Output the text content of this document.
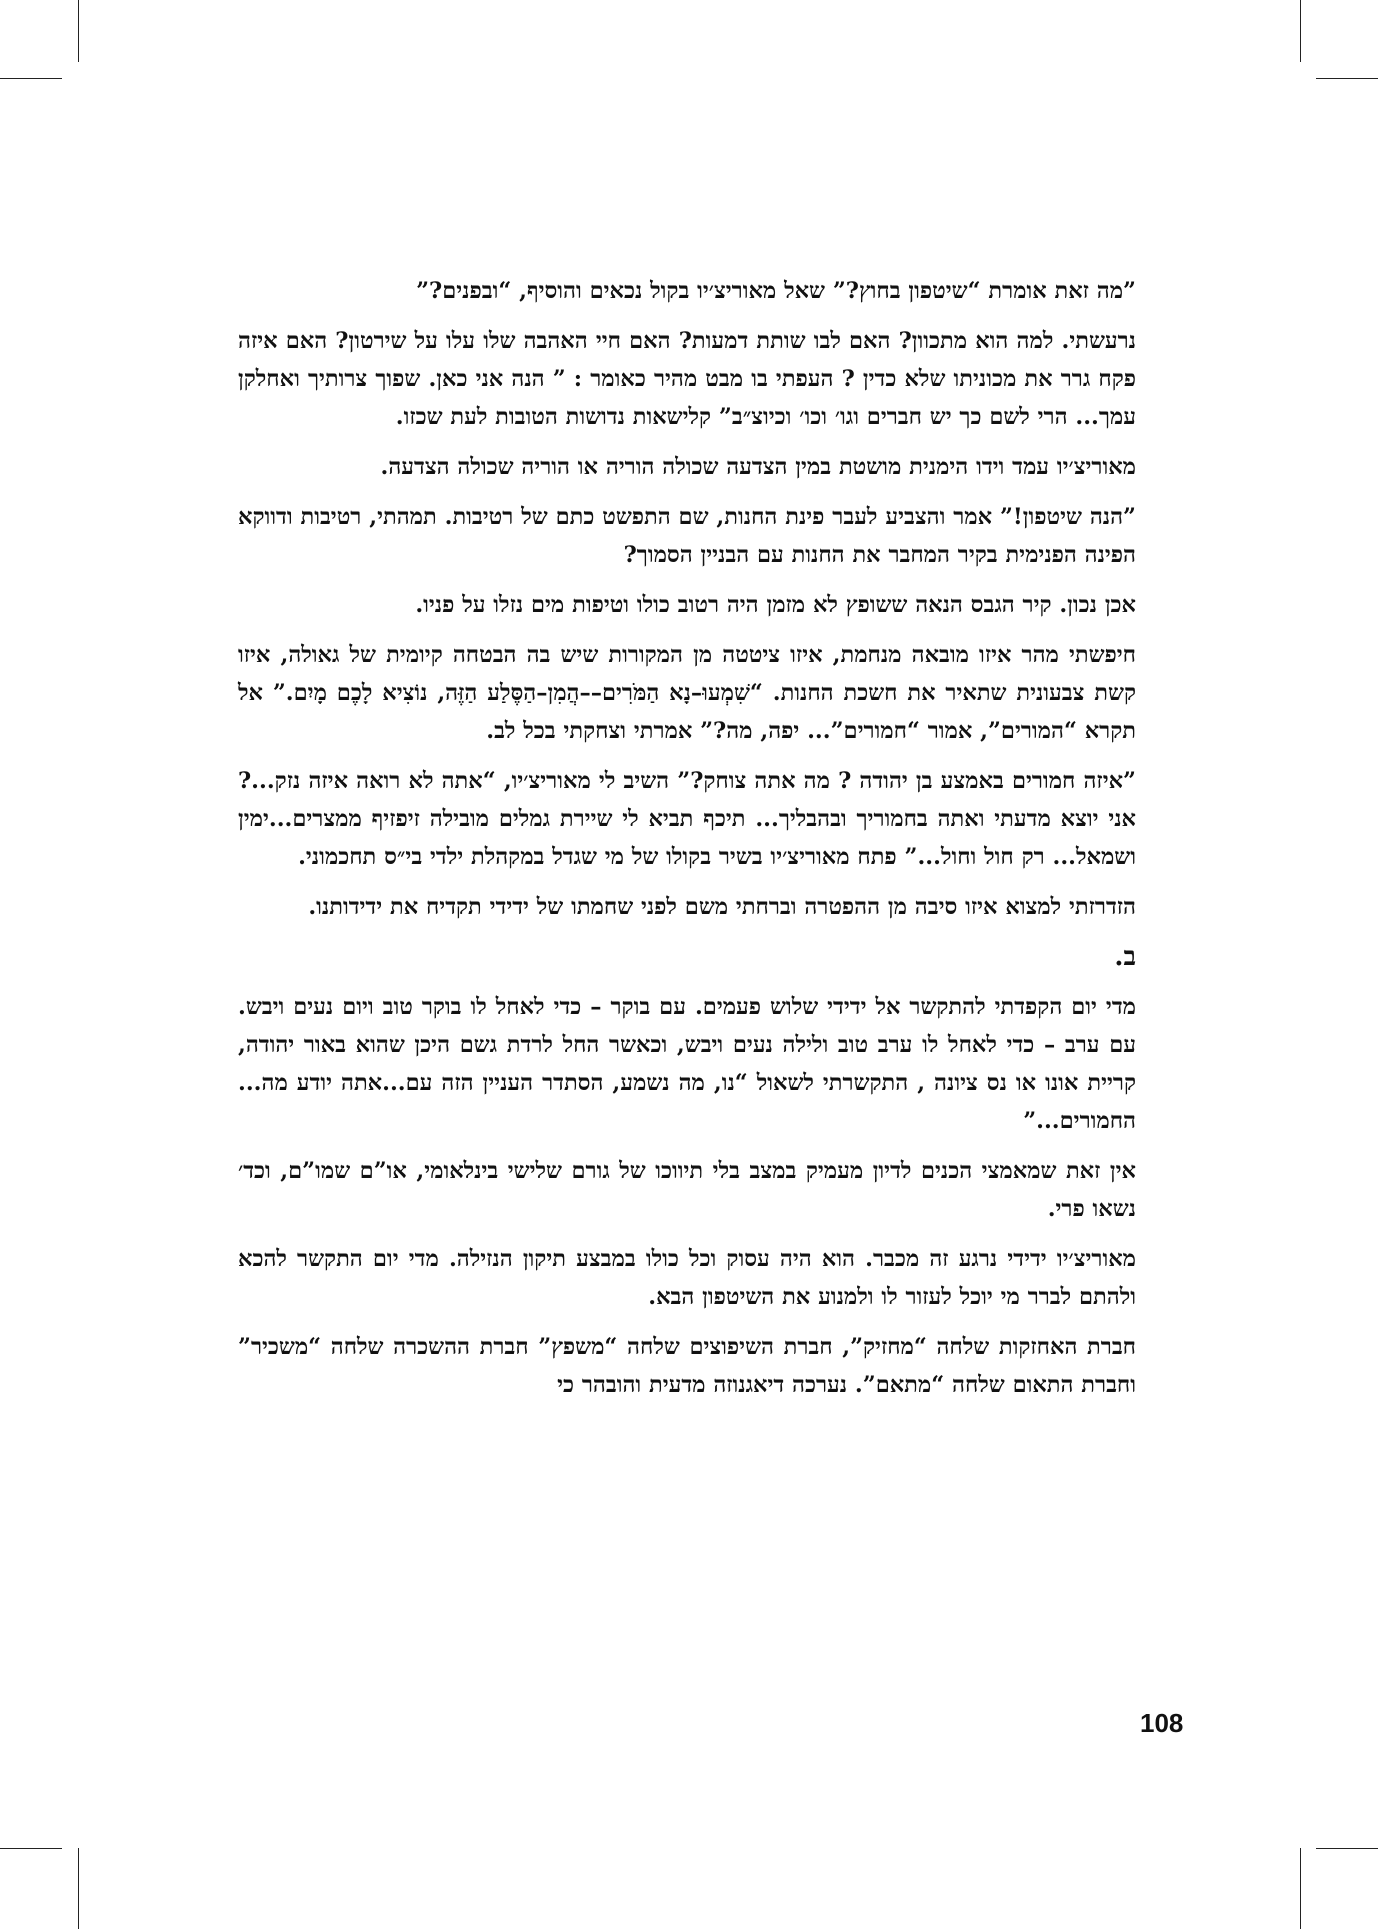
”מה זאת אומרת “שיטפון בחוץ?” שאל מאוריצ׳יו בקול נכאים והוסיף, “ובפנים?”

נרעשתי. למה הוא מתכוון? האם לבו שותת דמעות? האם חיי האהבה שלו עלו על שירטון? האם איזה פקח גרר את מכוניתו שלא כדין ? העפתי בו מבט מהיר כאומר : ” הנה אני כאן. שפוך צרותיך ואחלקן עמך... הרי לשם כך יש חברים וגו׳ וכו׳ וכיוצ״ב” קלישאות נדושות הטובות לעת שכזו.

מאוריצ׳יו עמד וידו הימנית מושטת במין הצדעה שכולה הוריה או הוריה שכולה הצדעה.

”הנה שיטפון!” אמר והצביע לעבר פינת החנות, שם התפשט כתם של רטיבות. תמהתי, רטיבות ודווקא הפינה הפנימית בקיר המחבר את החנות עם הבניין הסמוך?

אכן נכון. קיר הגבס הנאה ששופץ לא מזמן היה רטוב כולו וטיפות מים נזלו על פניו.

חיפשתי מהר איזו מובאה מנחמת, איזו ציטטה מן המקורות שיש בה הבטחה קיומית של גאולה, איזו קשת צבעונית שתאיר את חשכת החנות. “שִׁמְעוּ–נָא הַמֹּרִים––הֲמִן–הַסֶּלַע הַזֶּה, נוֹצִיא לָכֶם מָיִם.” אל תקרא “המורים”, אמור “חמורים”... יפה, מה?” אמרתי וצחקתי בכל לב.

”איזה חמורים באמצע בן יהודה ? מה אתה צוחק?” השיב לי מאוריצ׳יו, “אתה לא רואה איזה נזק...? אני יוצא מדעתי ואתה בחמוריך ובהבליך... תיכף תביא לי שיירת גמלים מובילה זיפזיף ממצרים...ימין ושמאל... רק חול וחול...” פתח מאוריצ׳יו בשיר בקולו של מי שגדל במקהלת ילדי בי״ס תחכמוני.

הזדרזתי למצוא איזו סיבה מן ההפטרה וברחתי משם לפני שחמתו של ידידי תקדיח את ידידותנו.

ב.

מדי יום הקפדתי להתקשר אל ידידי שלוש פעמים. עם בוקר – כדי לאחל לו בוקר טוב ויום נעים ויבש. עם ערב – כדי לאחל לו ערב טוב ולילה נעים ויבש, וכאשר החל לרדת גשם היכן שהוא באור יהודה, קריית אונו או נס ציונה , התקשרתי לשאול “נו, מה נשמע, הסתדר העניין הזה עם...אתה יודע מה... החמורים...”

אין זאת שמאמצי הכנים לדיון מעמיק במצב בלי תיווכו של גורם שלישי בינלאומי, או”ם שמו”ם, וכד׳ נשאו פרי.

מאוריצ׳יו ידידי נרגע זה מכבר. הוא היה עסוק וכל כולו במבצע תיקון הנזילה. מדי יום התקשר להכא ולהתם לברר מי יוכל לעזור לו ולמנוע את השיטפון הבא.

חברת האחזקות שלחה “מחזיק”, חברת השיפוצים שלחה “משפץ” חברת ההשכרה שלחה “משכיר” וחברת התאום שלחה “מתאם”. נערכה דיאגנוזה מדעית והובהר כי

108
